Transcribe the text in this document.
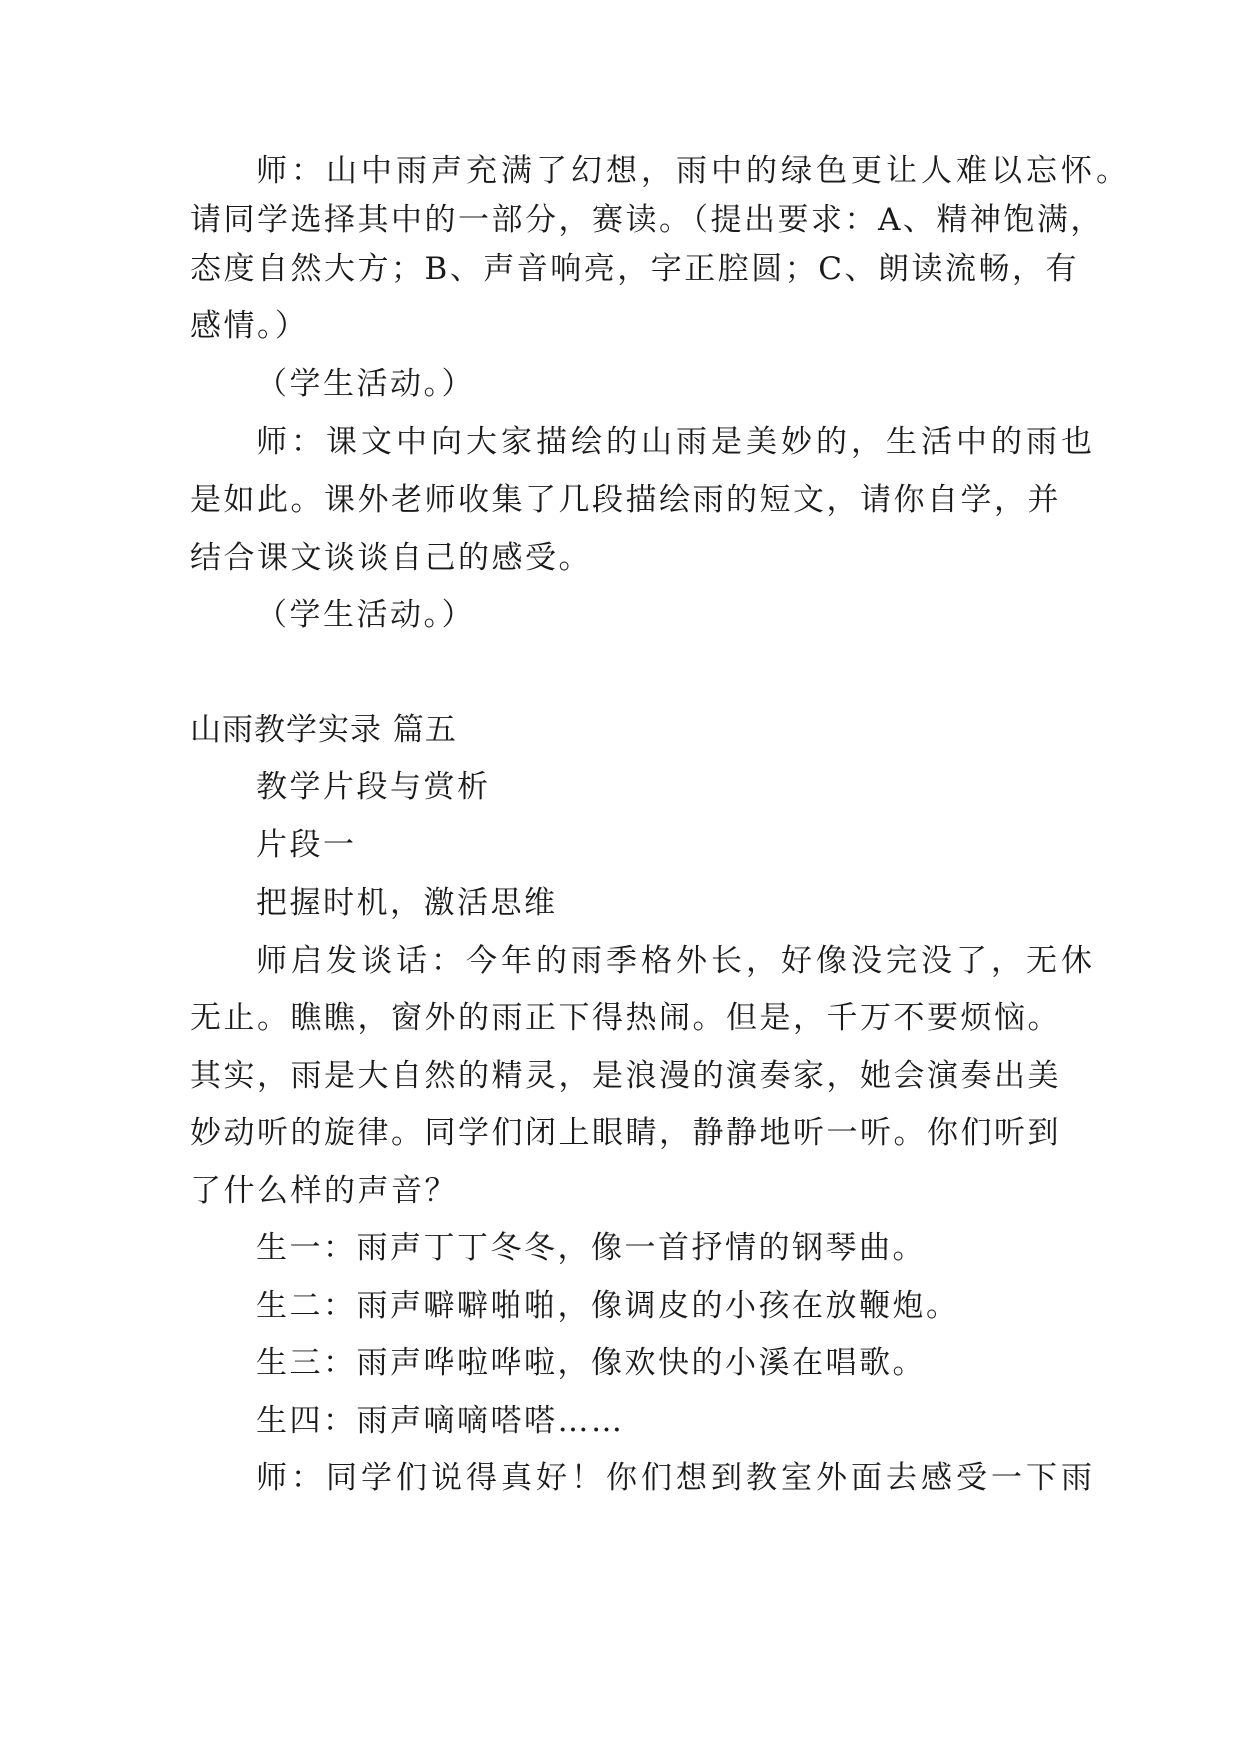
师：山中雨声充满了幻想，雨中的绿色更让人难以忘怀。
请同学选择其中的一部分，赛读。（提出要求：A、精神饱满，
态度自然大方；B、声音响亮，字正腔圆；C、朗读流畅，有
感情。）
（学生活动。）
师：课文中向大家描绘的山雨是美妙的，生活中的雨也
是如此。课外老师收集了几段描绘雨的短文，请你自学，并
结合课文谈谈自己的感受。
（学生活动。）
山雨教学实录 篇五
教学片段与赏析
片段一
把握时机，激活思维
师启发谈话：今年的雨季格外长，好像没完没了，无休
无止。瞧瞧，窗外的雨正下得热闹。但是，千万不要烦恼。
其实，雨是大自然的精灵，是浪漫的演奏家，她会演奏出美
妙动听的旋律。同学们闭上眼睛，静静地听一听。你们听到
了什么样的声音？
生一：雨声丁丁冬冬，像一首抒情的钢琴曲。
生二：雨声噼噼啪啪，像调皮的小孩在放鞭炮。
生三：雨声哗啦哗啦，像欢快的小溪在唱歌。
生四：雨声嘀嘀嗒嗒……
师：同学们说得真好！你们想到教室外面去感受一下雨
